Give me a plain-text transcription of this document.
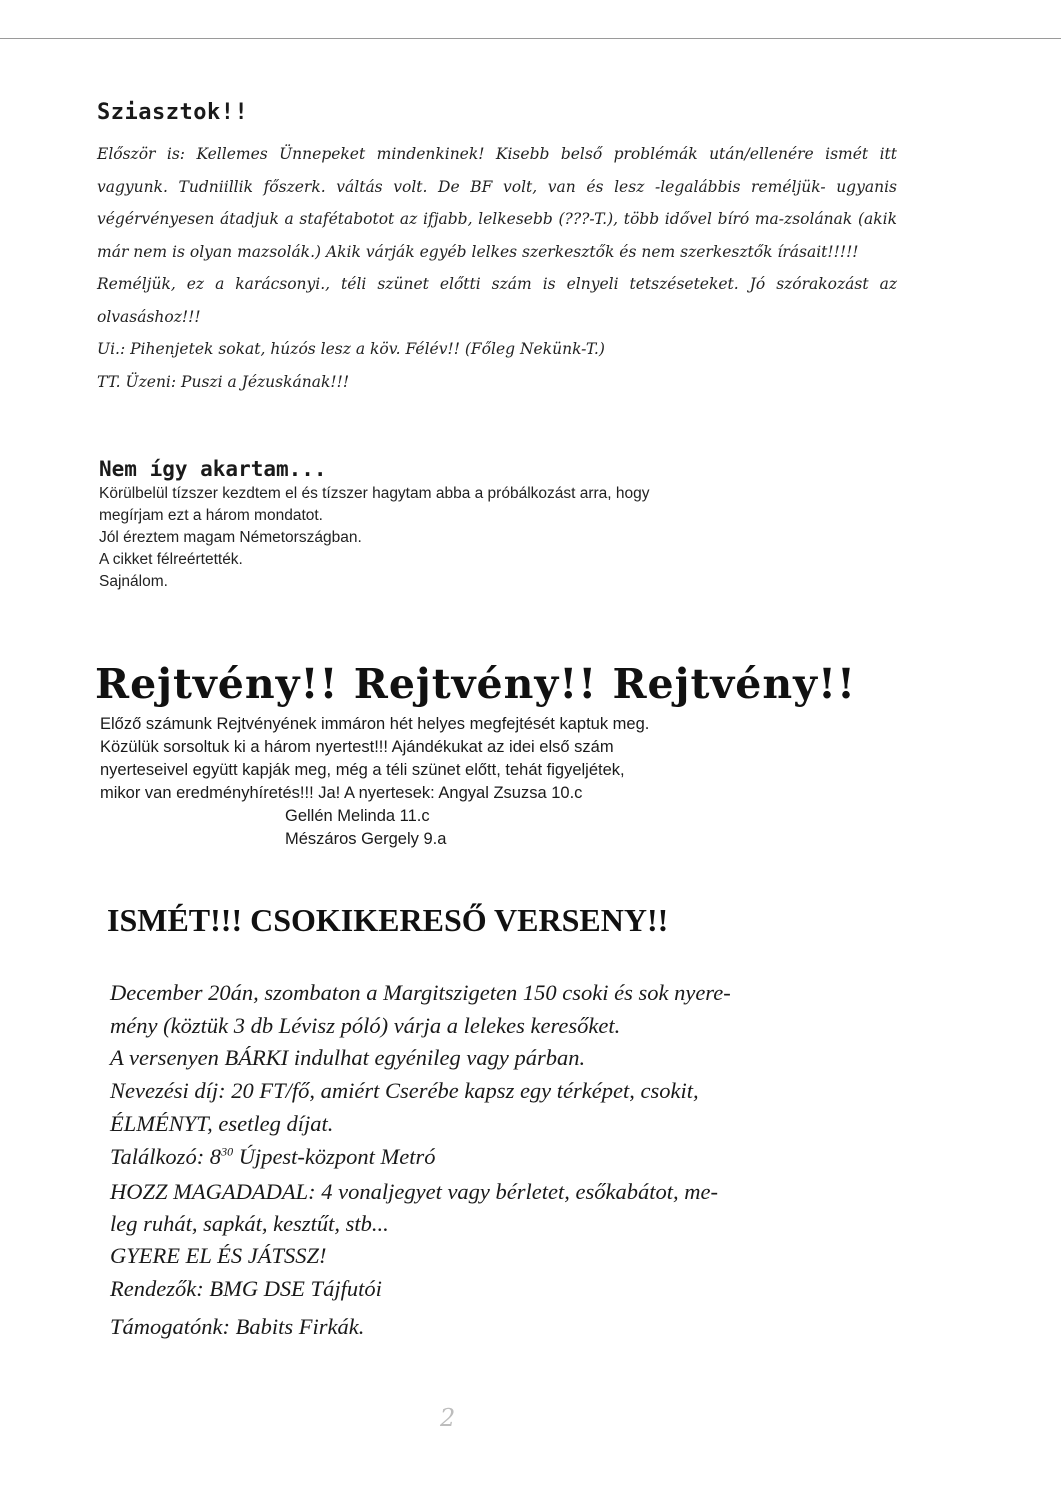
Sziasztok!!

Először is: Kellemes Ünnepeket mindenkinek! Kisebb belső problémák után/ellenére ismét itt vagyunk. Tudniillik főszerk. váltás volt. De BF volt, van és lesz -legalábbis reméljük- ugyanis végérvényesen átadjuk a stafétabotot az ifjabb, lelkesebb (???-T.), több idővel bíró ma-zsolának (akik már nem is olyan mazsolák.) Akik várják egyéb lelkes szerkesztők és nem szerkesztők írásait!!!!!

Reméljük, ez a karácsonyi., téli szünet előtti szám is elnyeli tetszéseteket. Jó szórakozást az olvasáshoz!!!

Ui.: Pihenjetek sokat, húzós lesz a köv. Félév!! (Főleg Nekünk-T.)

TT. Üzeni: Puszi a Jézuskának!!!

Nem így akartam...
Körülbelül tízszer kezdtem el és tízszer hagytam abba a próbálkozást arra, hogy
megírjam ezt a három mondatot.
Jól éreztem magam Németországban.
A cikket félreértették.
Sajnálom.
Rejtvény!! Rejtvény!! Rejtvény!!
Előző számunk Rejtvényének immáron hét helyes megfejtését kaptuk meg.
Közülük sorsoltuk ki a három nyertest!!! Ajándékukat az idei első szám
nyerteseivel együtt kapják meg, még a téli szünet előtt, tehát figyeljétek,
mikor van eredményhíretés!!! Ja! A nyertesek: Angyal Zsuzsa 10.c
Gellén Melinda 11.c
Mészáros Gergely 9.a
ISMÉT!!! CSOKIKERESŐ VERSENY!!
December 20án, szombaton a Margitszigeten 150 csoki és sok nyere-
mény (köztük 3 db Lévisz póló) várja a lelekes keresőket.
A versenyen BÁRKI indulhat egyénileg vagy párban.
Nevezési díj: 20 FT/fő, amiért Cserébe kapsz egy térképet, csokit,
ÉLMÉNYT, esetleg díjat.
Találkozó: $8^{30}$ Újpest-központ Metró
HOZZ MAGADADAL: 4 vonaljegyet vagy bérletet, esőkabátot, me-
leg ruhát, sapkát, kesztűt, stb...
GYERE EL ÉS JÁTSSZ!
Rendezők: BMG DSE Tájfutói
Támogatónk: Babits Firkák.
2
